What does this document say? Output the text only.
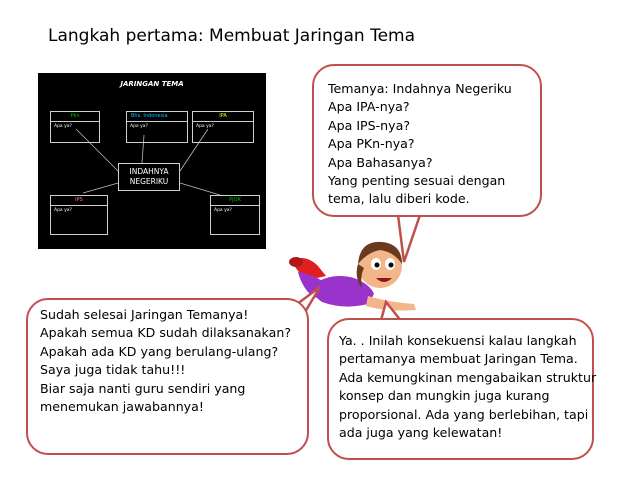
Langkah pertama: Membuat Jaringan Tema
JARINGAN TEMA
Pkn
Apa ya?
Bhs. Indonesia
Apa ya?
IPA
Apa ya?
INDAHNYA
NEGERIKU
IPS
Apa ya?
PJOK
Apa ya?
Temanya: Indahnya Negeriku
Apa IPA-nya?
Apa IPS-nya?
Apa PKn-nya?
Apa Bahasanya?
Yang penting sesuai dengan
tema, lalu diberi kode.
Sudah selesai Jaringan Temanya!
Apakah semua KD sudah dilaksanakan?
Apakah ada KD yang berulang-ulang?
Saya juga tidak tahu!!!
Biar saja nanti guru sendiri yang
menemukan jawabannya!
Ya. . Inilah konsekuensi kalau langkah
pertamanya membuat Jaringan Tema.
Ada kemungkinan mengabaikan struktur
konsep dan mungkin juga kurang
proporsional. Ada yang berlebihan, tapi
ada juga yang kelewatan!
